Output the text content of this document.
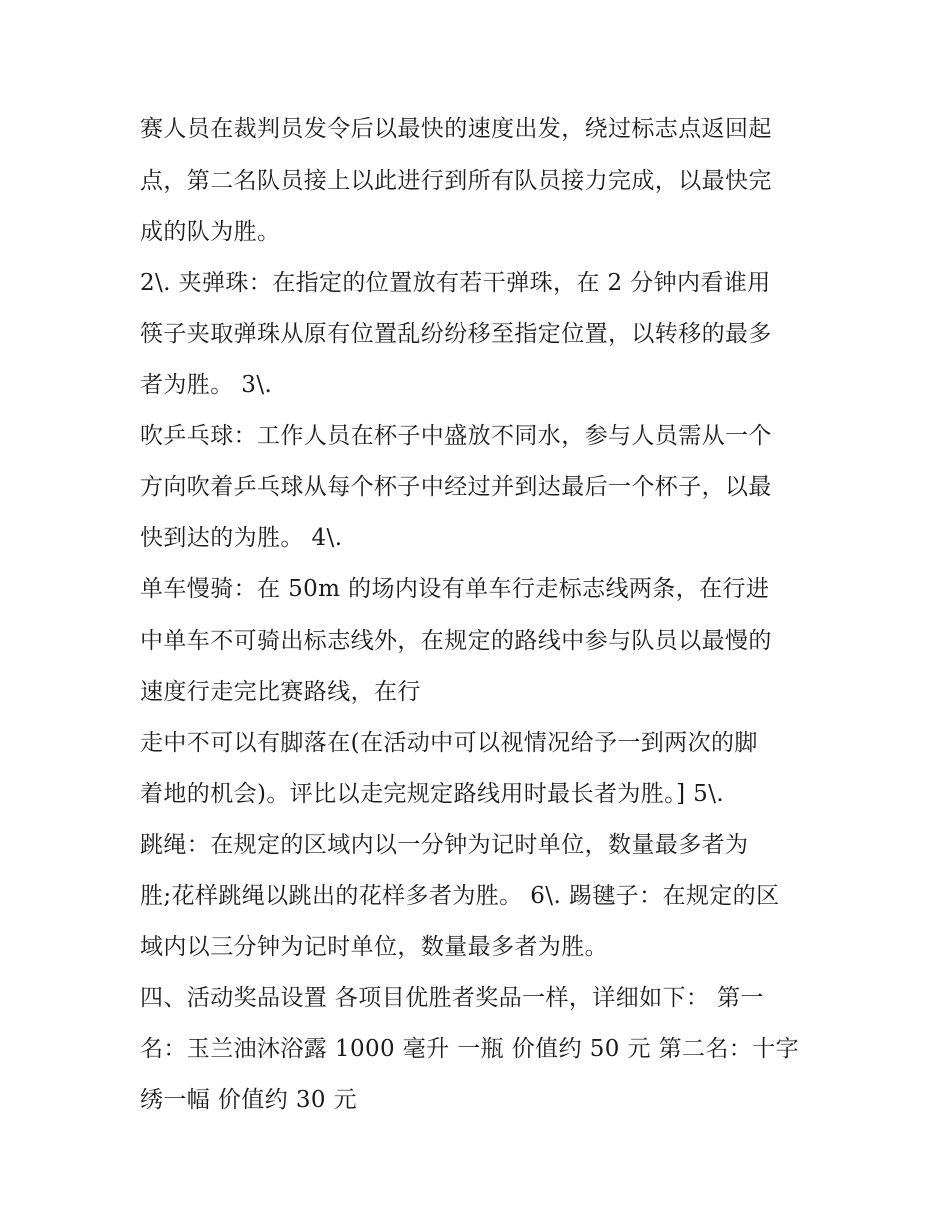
赛人员在裁判员发令后以最快的速度出发，绕过标志点返回起
点，第二名队员接上以此进行到所有队员接力完成，以最快完
成的队为胜。
2\. 夹弹珠：在指定的位置放有若干弹珠，在 2 分钟内看谁用
筷子夹取弹珠从原有位置乱纷纷移至指定位置，以转移的最多
者为胜。 3\.
吹乒乓球：工作人员在杯子中盛放不同水，参与人员需从一个
方向吹着乒乓球从每个杯子中经过并到达最后一个杯子，以最
快到达的为胜。 4\.
单车慢骑：在 50m 的场内设有单车行走标志线两条，在行进
中单车不可骑出标志线外，在规定的路线中参与队员以最慢的
速度行走完比赛路线，在行
走中不可以有脚落在(在活动中可以视情况给予一到两次的脚
着地的机会)。评比以走完规定路线用时最长者为胜。] 5\.
跳绳：在规定的区域内以一分钟为记时单位，数量最多者为
胜;花样跳绳以跳出的花样多者为胜。 6\. 踢毽子：在规定的区
域内以三分钟为记时单位，数量最多者为胜。
四、活动奖品设置 各项目优胜者奖品一样，详细如下： 第一
名：玉兰油沐浴露 1000 毫升 一瓶 价值约 50 元 第二名：十字
绣一幅 价值约 30 元
